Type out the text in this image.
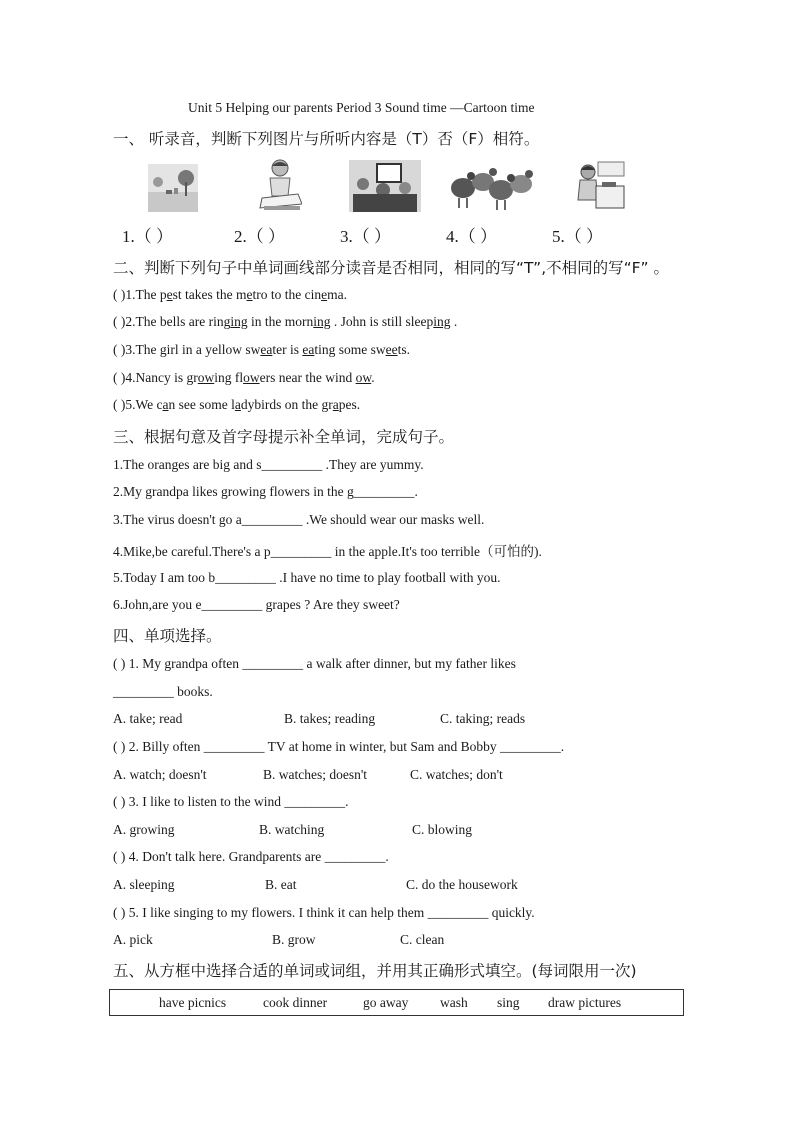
Unit 5 Helping our parents Period 3 Sound time —Cartoon time
一、 听录音，判断下列图片与所听内容是（T）否（F）相符。
1.（ ）	2.（ ）	3.（ ）	4.（ ）	5.（ ）
二、判断下列句子中单词画线部分读音是否相同，相同的写“T”,不相同的写“F” 。
( )1.The pest takes the metro to the cinema.
( )2.The bells are ringing in the morning . John is still sleeping .
( )3.The girl in a yellow sweater is eating some sweets.
( )4.Nancy is growing flowers near the wind ow.
( )5.We can see some ladybirds on the grapes.
三、根据句意及首字母提示补全单词，完成句子。
1.The oranges are big and s_________ .They are yummy.
2.My grandpa likes growing flowers in the g_________.
3.The virus doesn't go a_________ .We should wear our masks well.
4.Mike,be careful.There's a p_________ in the apple.It's too terrible（可怕的).
5.Today I am too b_________ .I have no time to play football with you.
6.John,are you e_________ grapes ? Are they sweet?
四、单项选择。
( ) 1. My grandpa often _________ a walk after dinner, but my father likes
_________ books.
A. take; read	B. takes; reading	C. taking; reads
( ) 2. Billy often _________ TV at home in winter, but Sam and Bobby _________.
A. watch; doesn't	B. watches; doesn't	C. watches; don't
( ) 3. I like to listen to the wind _________.
A. growing	B. watching	C. blowing
( ) 4. Don't talk here. Grandparents are _________.
A. sleeping	B. eat	C. do the housework
( ) 5. I like singing to my flowers. I think it can help them _________ quickly.
A. pick	B. grow	C. clean
五、从方框中选择合适的单词或词组，并用其正确形式填空。(每词限用一次)
have picnics	cook dinner	go away wash sing draw pictures
